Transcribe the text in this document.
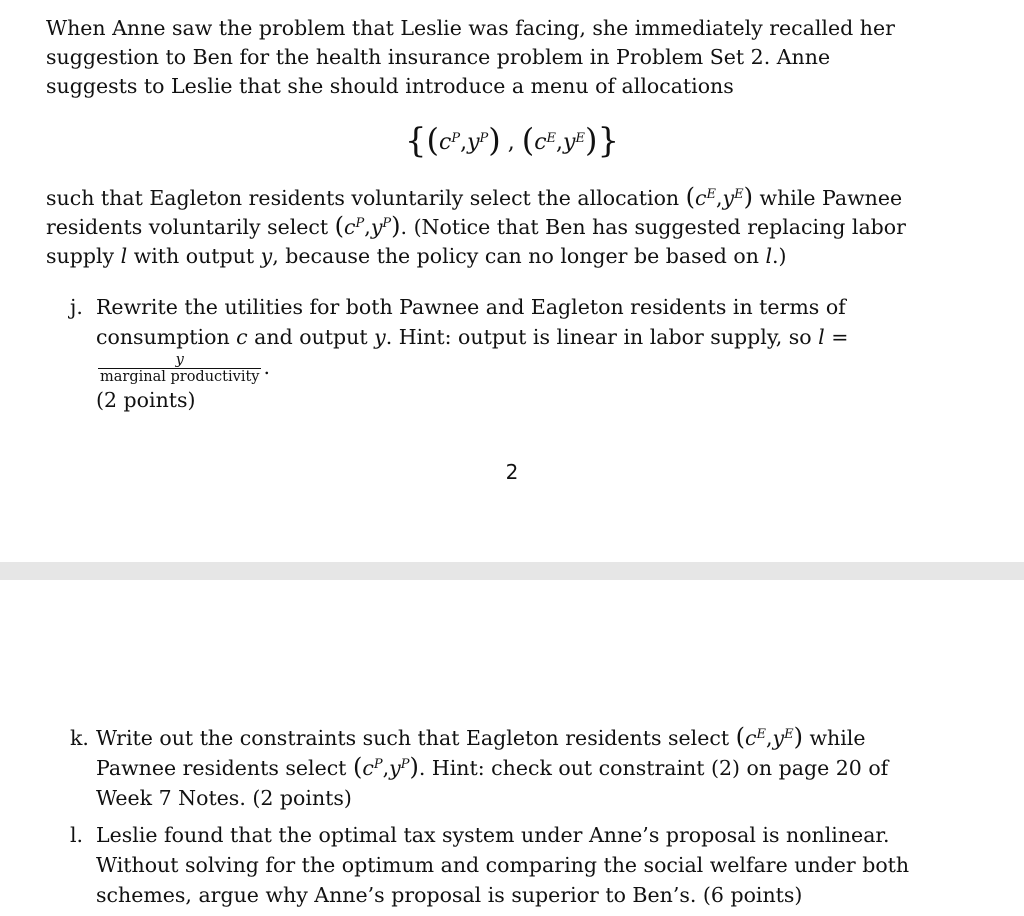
When Anne saw the problem that Leslie was facing, she immediately recalled her suggestion to Ben for the health insurance problem in Problem Set 2. Anne suggests to Leslie that she should introduce a menu of allocations

{$(c^P,y^P)$ , $(c^E,y^E)$}

such that Eagleton residents voluntarily select the allocation $(c^E,y^E)$ while Pawnee residents voluntarily select $(c^P,y^P)$. (Notice that Ben has suggested replacing labor supply l with output y, because the policy can no longer be based on l.)

j. Rewrite the utilities for both Pawnee and Eagleton residents in terms of consumption c and output y. Hint: output is linear in labor supply, so l =
$\frac{y}{\text{marginal productivity}}$ .
(2 points)
2
k. Write out the constraints such that Eagleton residents select $(c^E,y^E)$ while Pawnee residents select $(c^P,y^P)$. Hint: check out constraint (2) on page 20 of Week 7 Notes. (2 points)
l. Leslie found that the optimal tax system under Anne’s proposal is nonlinear. Without solving for the optimum and comparing the social welfare under both schemes, argue why Anne’s proposal is superior to Ben’s. (6 points)
